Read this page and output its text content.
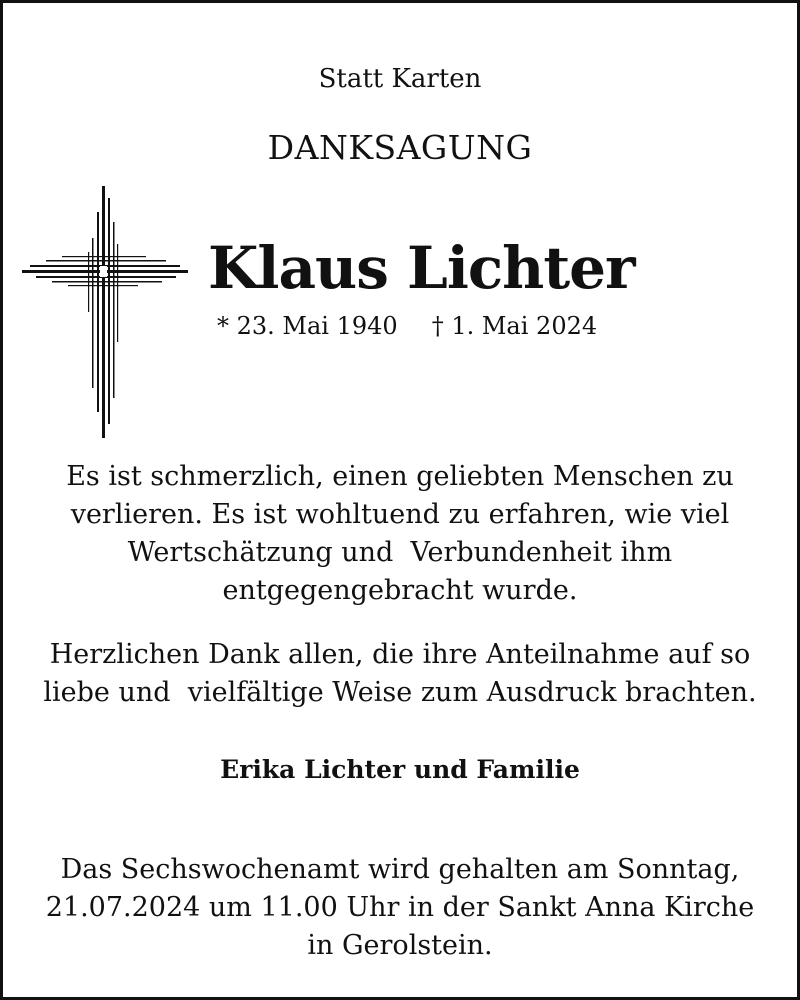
Statt Karten
DANKSAGUNG
Klaus Lichter
* 23. Mai 1940 † 1. Mai 2024
Es ist schmerzlich, einen geliebten Menschen zu
verlieren. Es ist wohltuend zu erfahren, wie viel
Wertschätzung und  Verbundenheit ihm
entgegengebracht wurde.
Herzlichen Dank allen, die ihre Anteilnahme auf so
liebe und  vielfältige Weise zum Ausdruck brachten.
Erika Lichter und Familie
Das Sechswochenamt wird gehalten am Sonntag,
21.07.2024 um 11.00 Uhr in der Sankt Anna Kirche
in Gerolstein.
